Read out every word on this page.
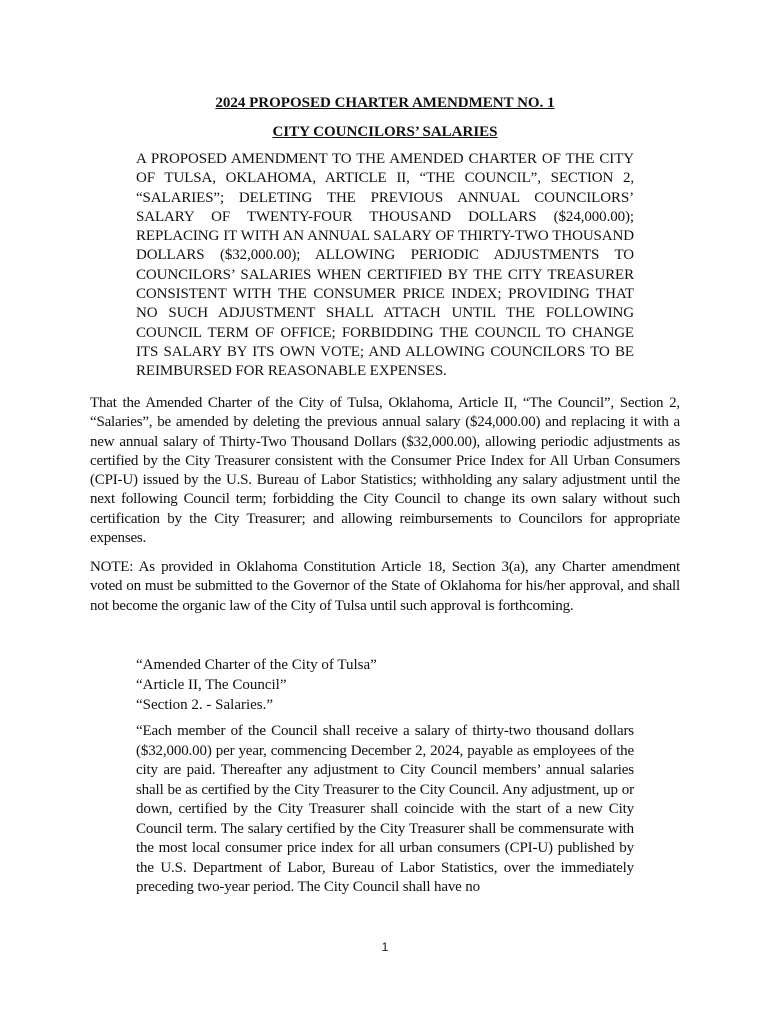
2024 PROPOSED CHARTER AMENDMENT NO. 1

CITY COUNCILORS’ SALARIES

A PROPOSED AMENDMENT TO THE AMENDED CHARTER OF THE CITY OF TULSA, OKLAHOMA, ARTICLE II, “THE COUNCIL”, SECTION 2, “SALARIES”; DELETING THE PREVIOUS ANNUAL COUNCILORS’ SALARY OF TWENTY-FOUR THOUSAND DOLLARS ($24,000.00); REPLACING IT WITH AN ANNUAL SALARY OF THIRTY-TWO THOUSAND DOLLARS ($32,000.00); ALLOWING PERIODIC ADJUSTMENTS TO COUNCILORS’ SALARIES WHEN CERTIFIED BY THE CITY TREASURER CONSISTENT WITH THE CONSUMER PRICE INDEX; PROVIDING THAT NO SUCH ADJUSTMENT SHALL ATTACH UNTIL THE FOLLOWING COUNCIL TERM OF OFFICE; FORBIDDING THE COUNCIL TO CHANGE ITS SALARY BY ITS OWN VOTE; AND ALLOWING COUNCILORS TO BE REIMBURSED FOR REASONABLE EXPENSES.

That the Amended Charter of the City of Tulsa, Oklahoma, Article II, “The Council”, Section 2, “Salaries”, be amended by deleting the previous annual salary ($24,000.00) and replacing it with a new annual salary of Thirty-Two Thousand Dollars ($32,000.00), allowing periodic adjustments as certified by the City Treasurer consistent with the Consumer Price Index for All Urban Consumers (CPI-U) issued by the U.S. Bureau of Labor Statistics; withholding any salary adjustment until the next following Council term; forbidding the City Council to change its own salary without such certification by the City Treasurer; and allowing reimbursements to Councilors for appropriate expenses.

NOTE: As provided in Oklahoma Constitution Article 18, Section 3(a), any Charter amendment voted on must be submitted to the Governor of the State of Oklahoma for his/her approval, and shall not become the organic law of the City of Tulsa until such approval is forthcoming.

“Amended Charter of the City of Tulsa”
“Article II, The Council”
“Section 2. - Salaries.”

“Each member of the Council shall receive a salary of thirty-two thousand dollars ($32,000.00) per year, commencing December 2, 2024, payable as employees of the city are paid. Thereafter any adjustment to City Council members’ annual salaries shall be as certified by the City Treasurer to the City Council. Any adjustment, up or down, certified by the City Treasurer shall coincide with the start of a new City Council term. The salary certified by the City Treasurer shall be commensurate with the most local consumer price index for all urban consumers (CPI-U) published by the U.S. Department of Labor, Bureau of Labor Statistics, over the immediately preceding two-year period. The City Council shall have no

1
